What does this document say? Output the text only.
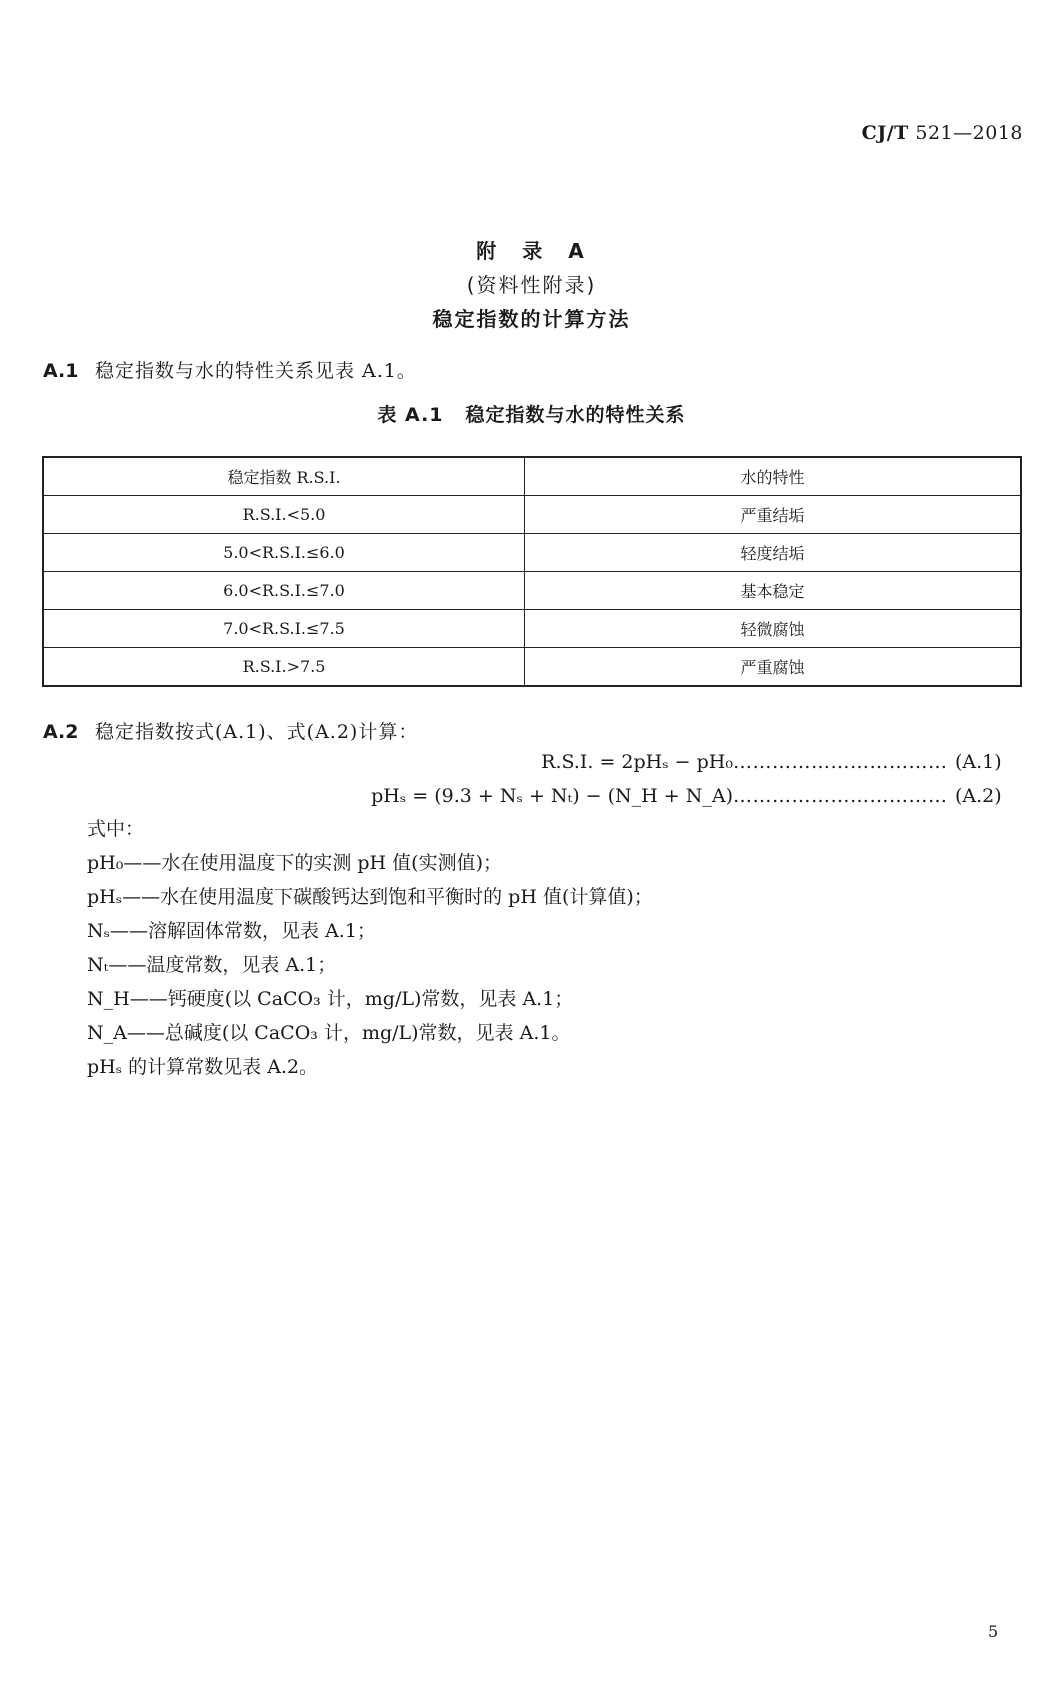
CJ/T 521—2018
附　录　A
(资料性附录)
稳定指数的计算方法
A.1 稳定指数与水的特性关系见表 A.1。
表 A.1 稳定指数与水的特性关系
稳定指数 R.S.I.	水的特性
R.S.I.<5.0	严重结垢
5.0<R.S.I.≤6.0	轻度结垢
6.0<R.S.I.≤7.0	基本稳定
7.0<R.S.I.≤7.5	轻微腐蚀
R.S.I.>7.5	严重腐蚀
A.2 稳定指数按式(A.1)、式(A.2)计算：
R.S.I. = 2pHₛ − pH₀ …………………………… (A.1)
pHₛ = (9.3 + Nₛ + Nₜ) − (N_H + N_A) …………………………… (A.2)
式中：
pH₀——水在使用温度下的实测 pH 值(实测值)；
pHₛ——水在使用温度下碳酸钙达到饱和平衡时的 pH 值(计算值)；
Nₛ——溶解固体常数，见表 A.1；
Nₜ——温度常数，见表 A.1；
N_H——钙硬度(以 CaCO₃ 计，mg/L)常数，见表 A.1；
N_A——总碱度(以 CaCO₃ 计，mg/L)常数，见表 A.1。
pHₛ 的计算常数见表 A.2。
5
